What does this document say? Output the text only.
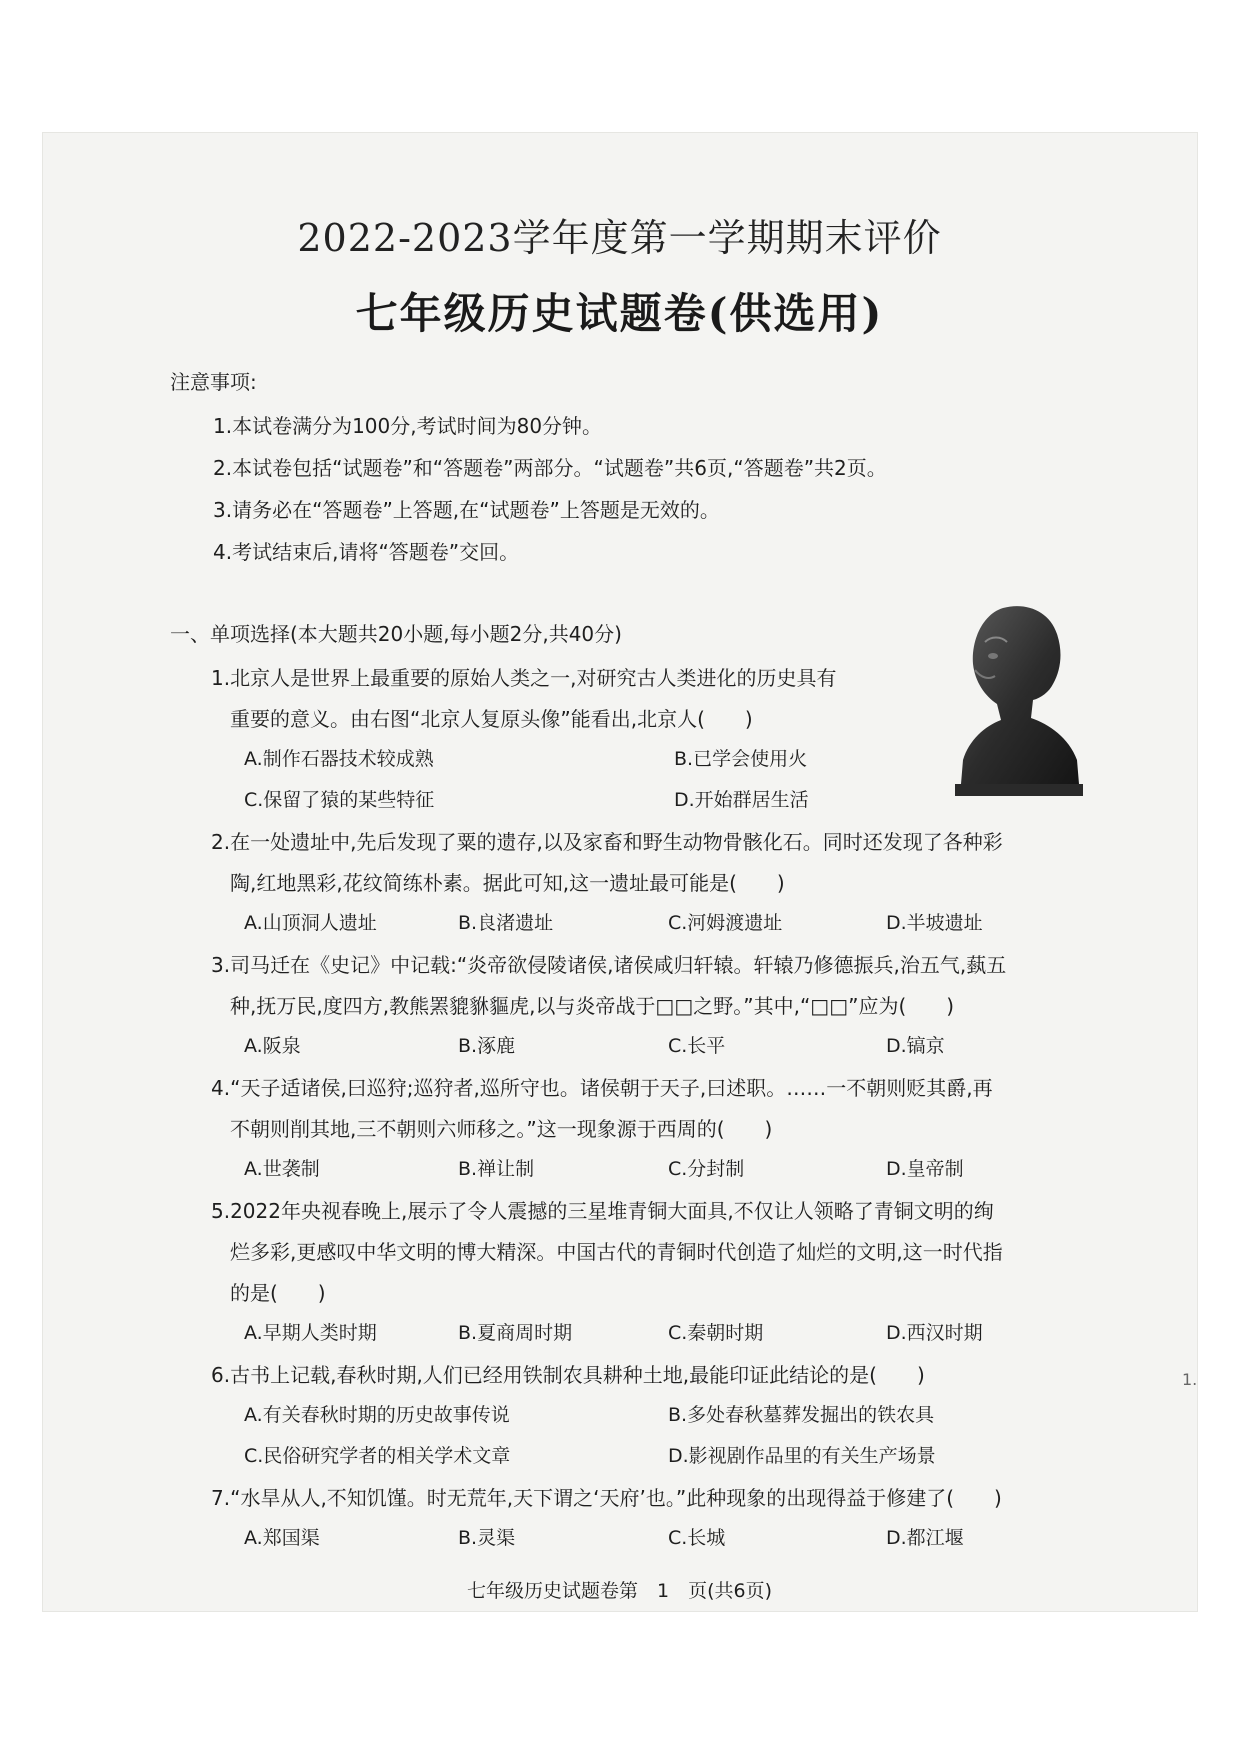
2022-2023学年度第一学期期末评价
七年级历史试题卷(供选用)
注意事项:
1.本试卷满分为100分,考试时间为80分钟。
2.本试卷包括“试题卷”和“答题卷”两部分。“试题卷”共6页,“答题卷”共2页。
3.请务必在“答题卷”上答题,在“试题卷”上答题是无效的。
4.考试结束后,请将“答题卷”交回。
一、单项选择(本大题共20小题,每小题2分,共40分)
1.北京人是世界上最重要的原始人类之一,对研究古人类进化的历史具有
重要的意义。由右图“北京人复原头像”能看出,北京人(　　)
A.制作石器技术较成熟	B.已学会使用火
C.保留了猿的某些特征	D.开始群居生活
2.在一处遗址中,先后发现了粟的遗存,以及家畜和野生动物骨骸化石。同时还发现了各种彩
陶,红地黑彩,花纹简练朴素。据此可知,这一遗址最可能是(　　)
A.山顶洞人遗址	B.良渚遗址	C.河姆渡遗址	D.半坡遗址
3.司马迁在《史记》中记载:“炎帝欲侵陵诸侯,诸侯咸归轩辕。轩辕乃修德振兵,治五气,蓺五
种,抚万民,度四方,教熊罴貔貅貙虎,以与炎帝战于□□之野。”其中,“□□”应为(　　)
A.阪泉	B.涿鹿	C.长平	D.镐京
4.“天子适诸侯,曰巡狩;巡狩者,巡所守也。诸侯朝于天子,曰述职。……一不朝则贬其爵,再
不朝则削其地,三不朝则六师移之。”这一现象源于西周的(　　)
A.世袭制	B.禅让制	C.分封制	D.皇帝制
5.2022年央视春晚上,展示了令人震撼的三星堆青铜大面具,不仅让人领略了青铜文明的绚
烂多彩,更感叹中华文明的博大精深。中国古代的青铜时代创造了灿烂的文明,这一时代指
的是(　　)
A.早期人类时期	B.夏商周时期	C.秦朝时期	D.西汉时期
6.古书上记载,春秋时期,人们已经用铁制农具耕种土地,最能印证此结论的是(　　)
A.有关春秋时期的历史故事传说	B.多处春秋墓葬发掘出的铁农具
C.民俗研究学者的相关学术文章	D.影视剧作品里的有关生产场景
7.“水旱从人,不知饥馑。时无荒年,天下谓之‘天府’也。”此种现象的出现得益于修建了(　　)
A.郑国渠	B.灵渠	C.长城	D.都江堰
七年级历史试题卷第　1　页(共6页)
1.
